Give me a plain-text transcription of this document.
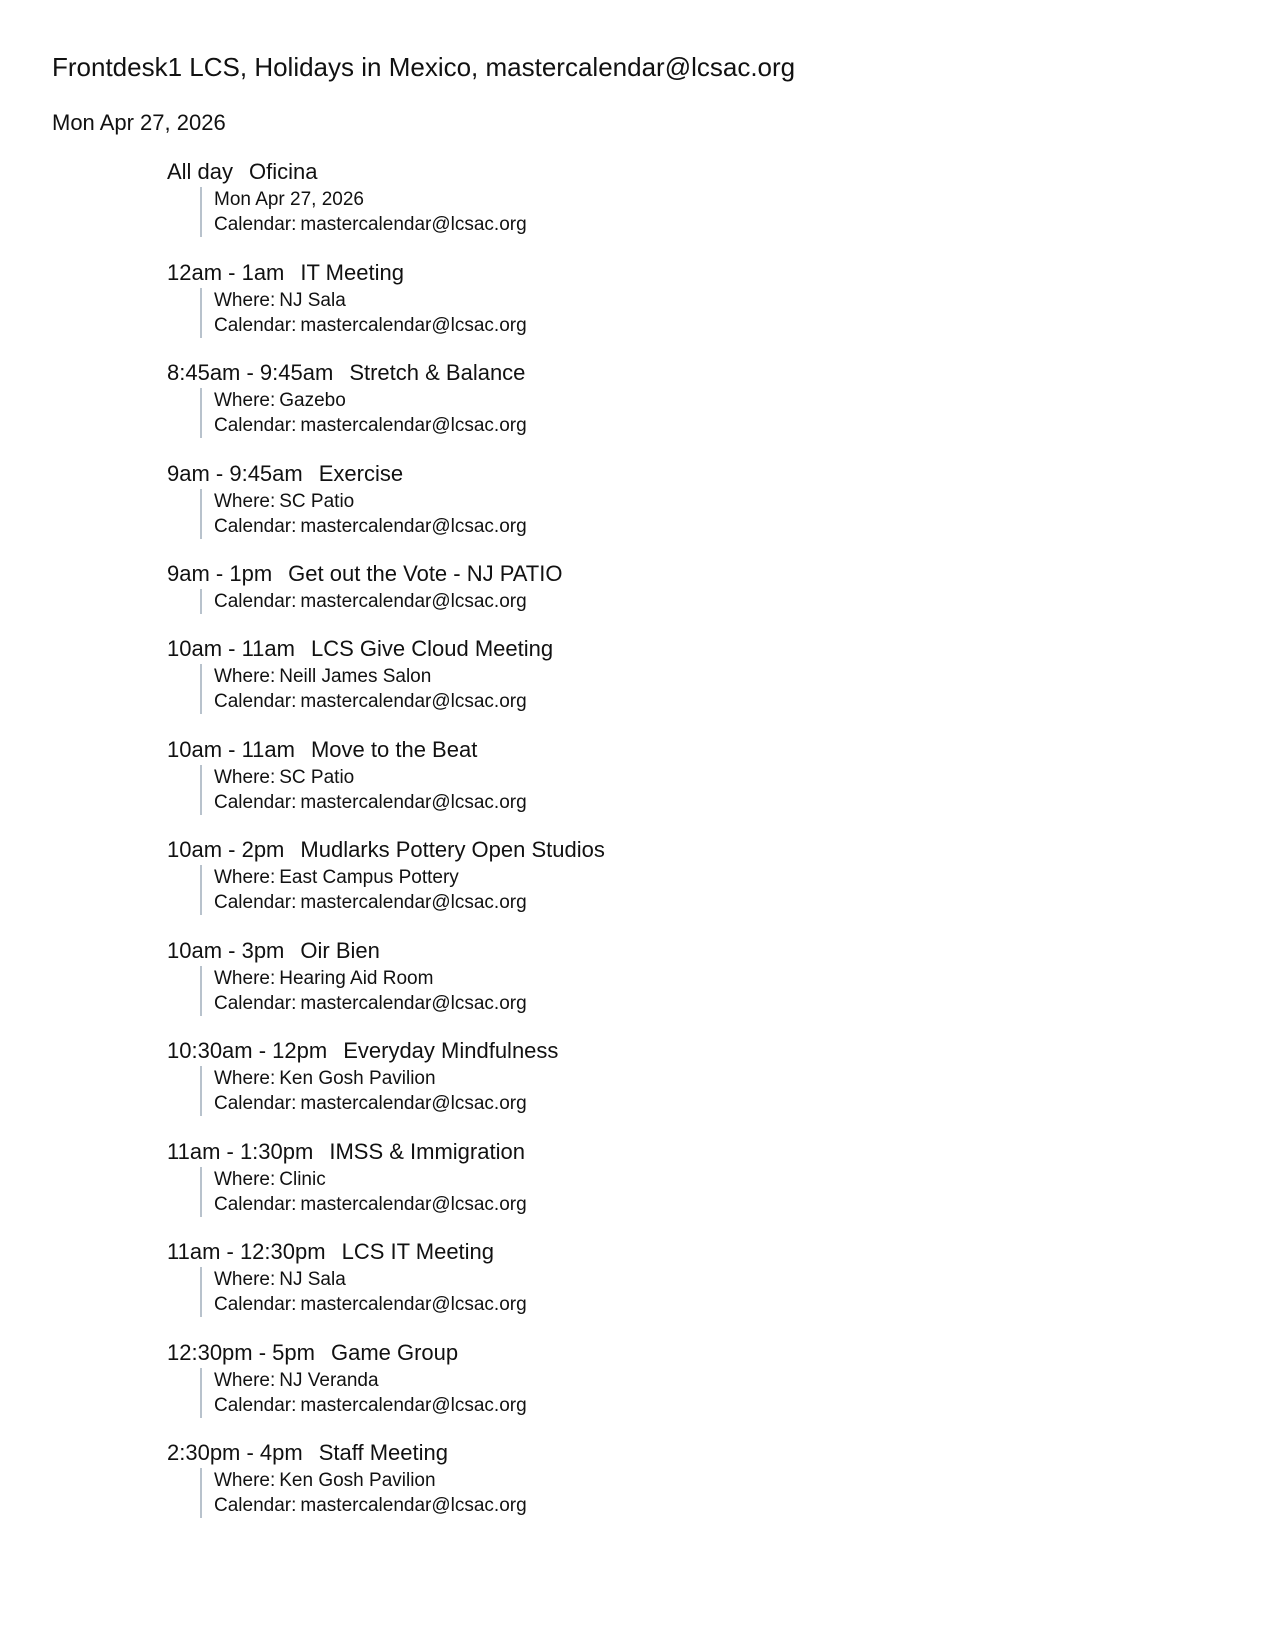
Frontdesk1 LCS, Holidays in Mexico, mastercalendar@lcsac.org
Mon Apr 27, 2026
All day Oficina
Mon Apr 27, 2026
Calendar: mastercalendar@lcsac.org
12am - 1am IT Meeting
Where: NJ Sala
Calendar: mastercalendar@lcsac.org
8:45am - 9:45am Stretch & Balance
Where: Gazebo
Calendar: mastercalendar@lcsac.org
9am - 9:45am Exercise
Where: SC Patio
Calendar: mastercalendar@lcsac.org
9am - 1pm Get out the Vote - NJ PATIO
Calendar: mastercalendar@lcsac.org
10am - 11am LCS Give Cloud Meeting
Where: Neill James Salon
Calendar: mastercalendar@lcsac.org
10am - 11am Move to the Beat
Where: SC Patio
Calendar: mastercalendar@lcsac.org
10am - 2pm Mudlarks Pottery Open Studios
Where: East Campus Pottery
Calendar: mastercalendar@lcsac.org
10am - 3pm Oir Bien
Where: Hearing Aid Room
Calendar: mastercalendar@lcsac.org
10:30am - 12pm Everyday Mindfulness
Where: Ken Gosh Pavilion
Calendar: mastercalendar@lcsac.org
11am - 1:30pm IMSS & Immigration
Where: Clinic
Calendar: mastercalendar@lcsac.org
11am - 12:30pm LCS IT Meeting
Where: NJ Sala
Calendar: mastercalendar@lcsac.org
12:30pm - 5pm Game Group
Where: NJ Veranda
Calendar: mastercalendar@lcsac.org
2:30pm - 4pm Staff Meeting
Where: Ken Gosh Pavilion
Calendar: mastercalendar@lcsac.org
